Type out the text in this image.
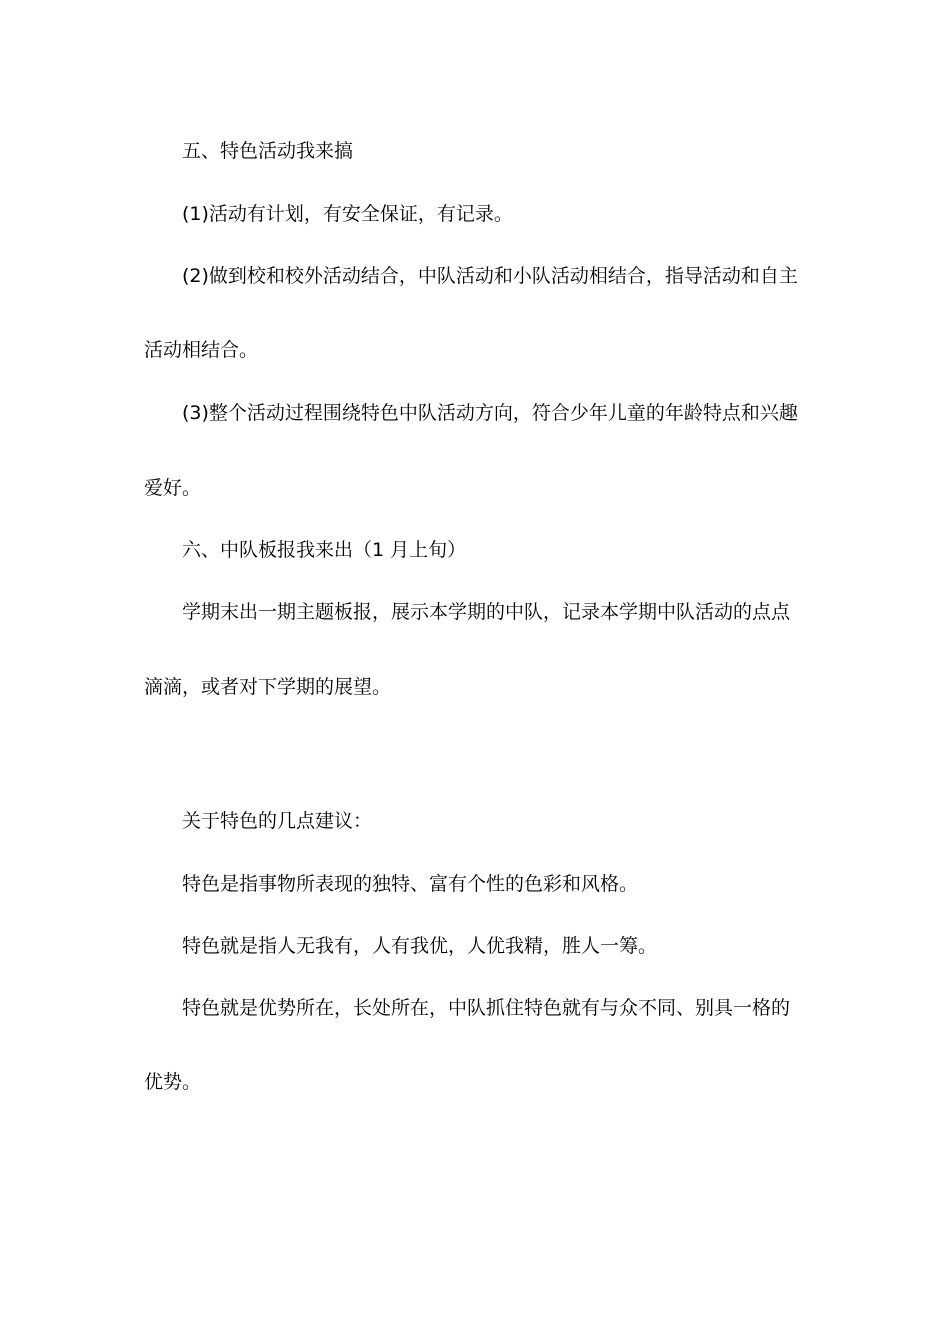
五、特色活动我来搞

(1)活动有计划，有安全保证，有记录。

(2)做到校和校外活动结合，中队活动和小队活动相结合，指导活动和自主

活动相结合。

(3)整个活动过程围绕特色中队活动方向，符合少年儿童的年龄特点和兴趣

爱好。

六、中队板报我来出（1 月上旬）

学期末出一期主题板报，展示本学期的中队，记录本学期中队活动的点点

滴滴，或者对下学期的展望。

关于特色的几点建议：

特色是指事物所表现的独特、富有个性的色彩和风格。

特色就是指人无我有，人有我优，人优我精，胜人一筹。

特色就是优势所在，长处所在，中队抓住特色就有与众不同、别具一格的

优势。
